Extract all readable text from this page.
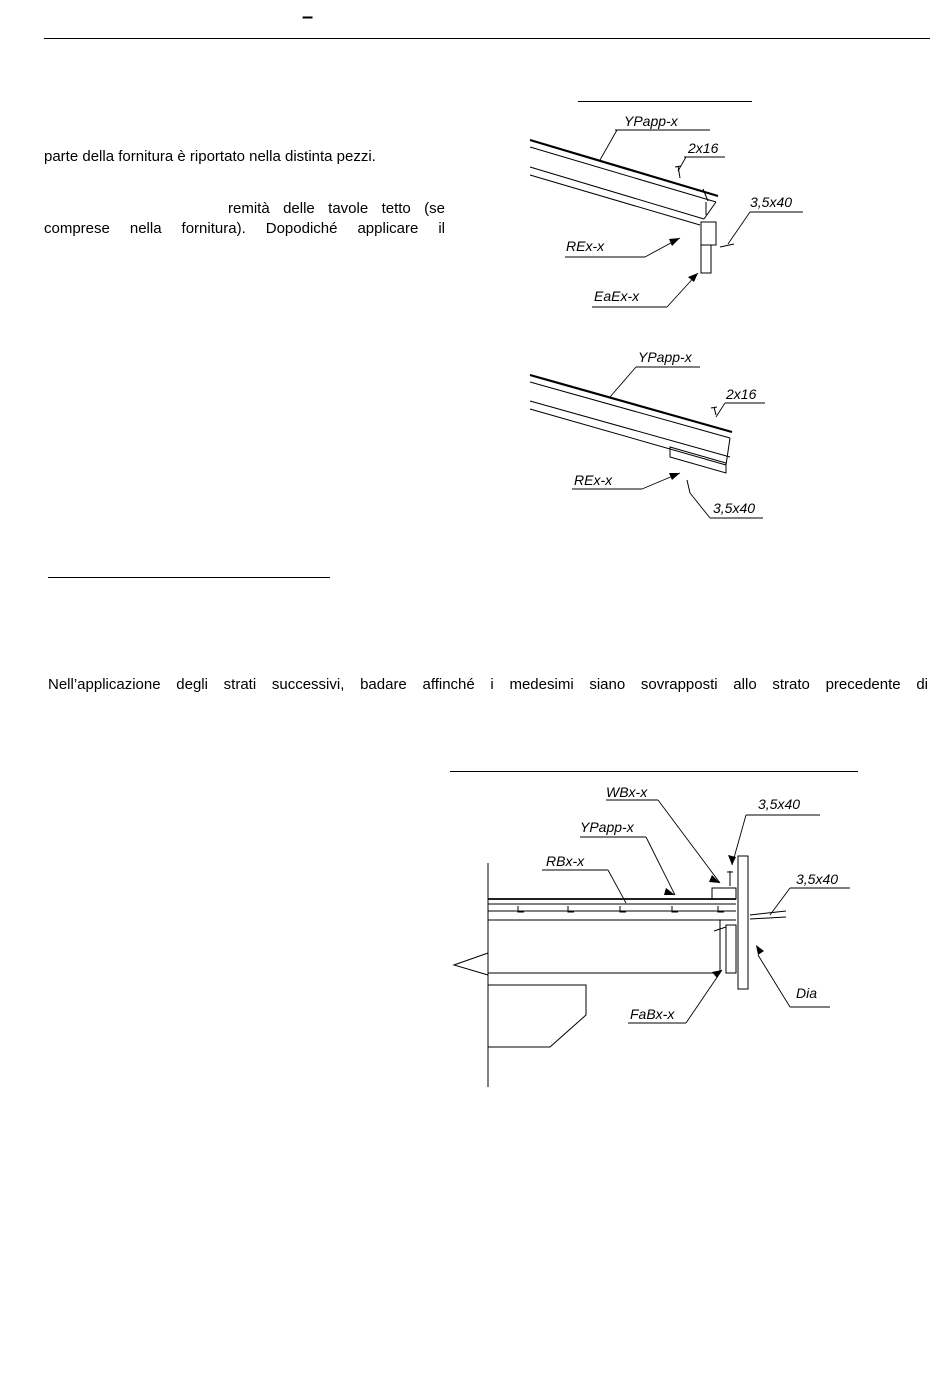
–
parte della fornitura è riportato nella distinta pezzi.
remità delle tavole tetto (se
compresе nella fornitura). Dopodiché applicare il
Nell’applicazione degli strati successivi, badare affinché i medesimi siano sovrapposti allo strato precedente di
YPapp-x
2x16
3,5x40
REx-x
EaEx-x
YPapp-x
2x16
REx-x
3,5x40
WBx-x
3,5x40
YPapp-x
3,5x40
RBx-x
Dia
FaBx-x
